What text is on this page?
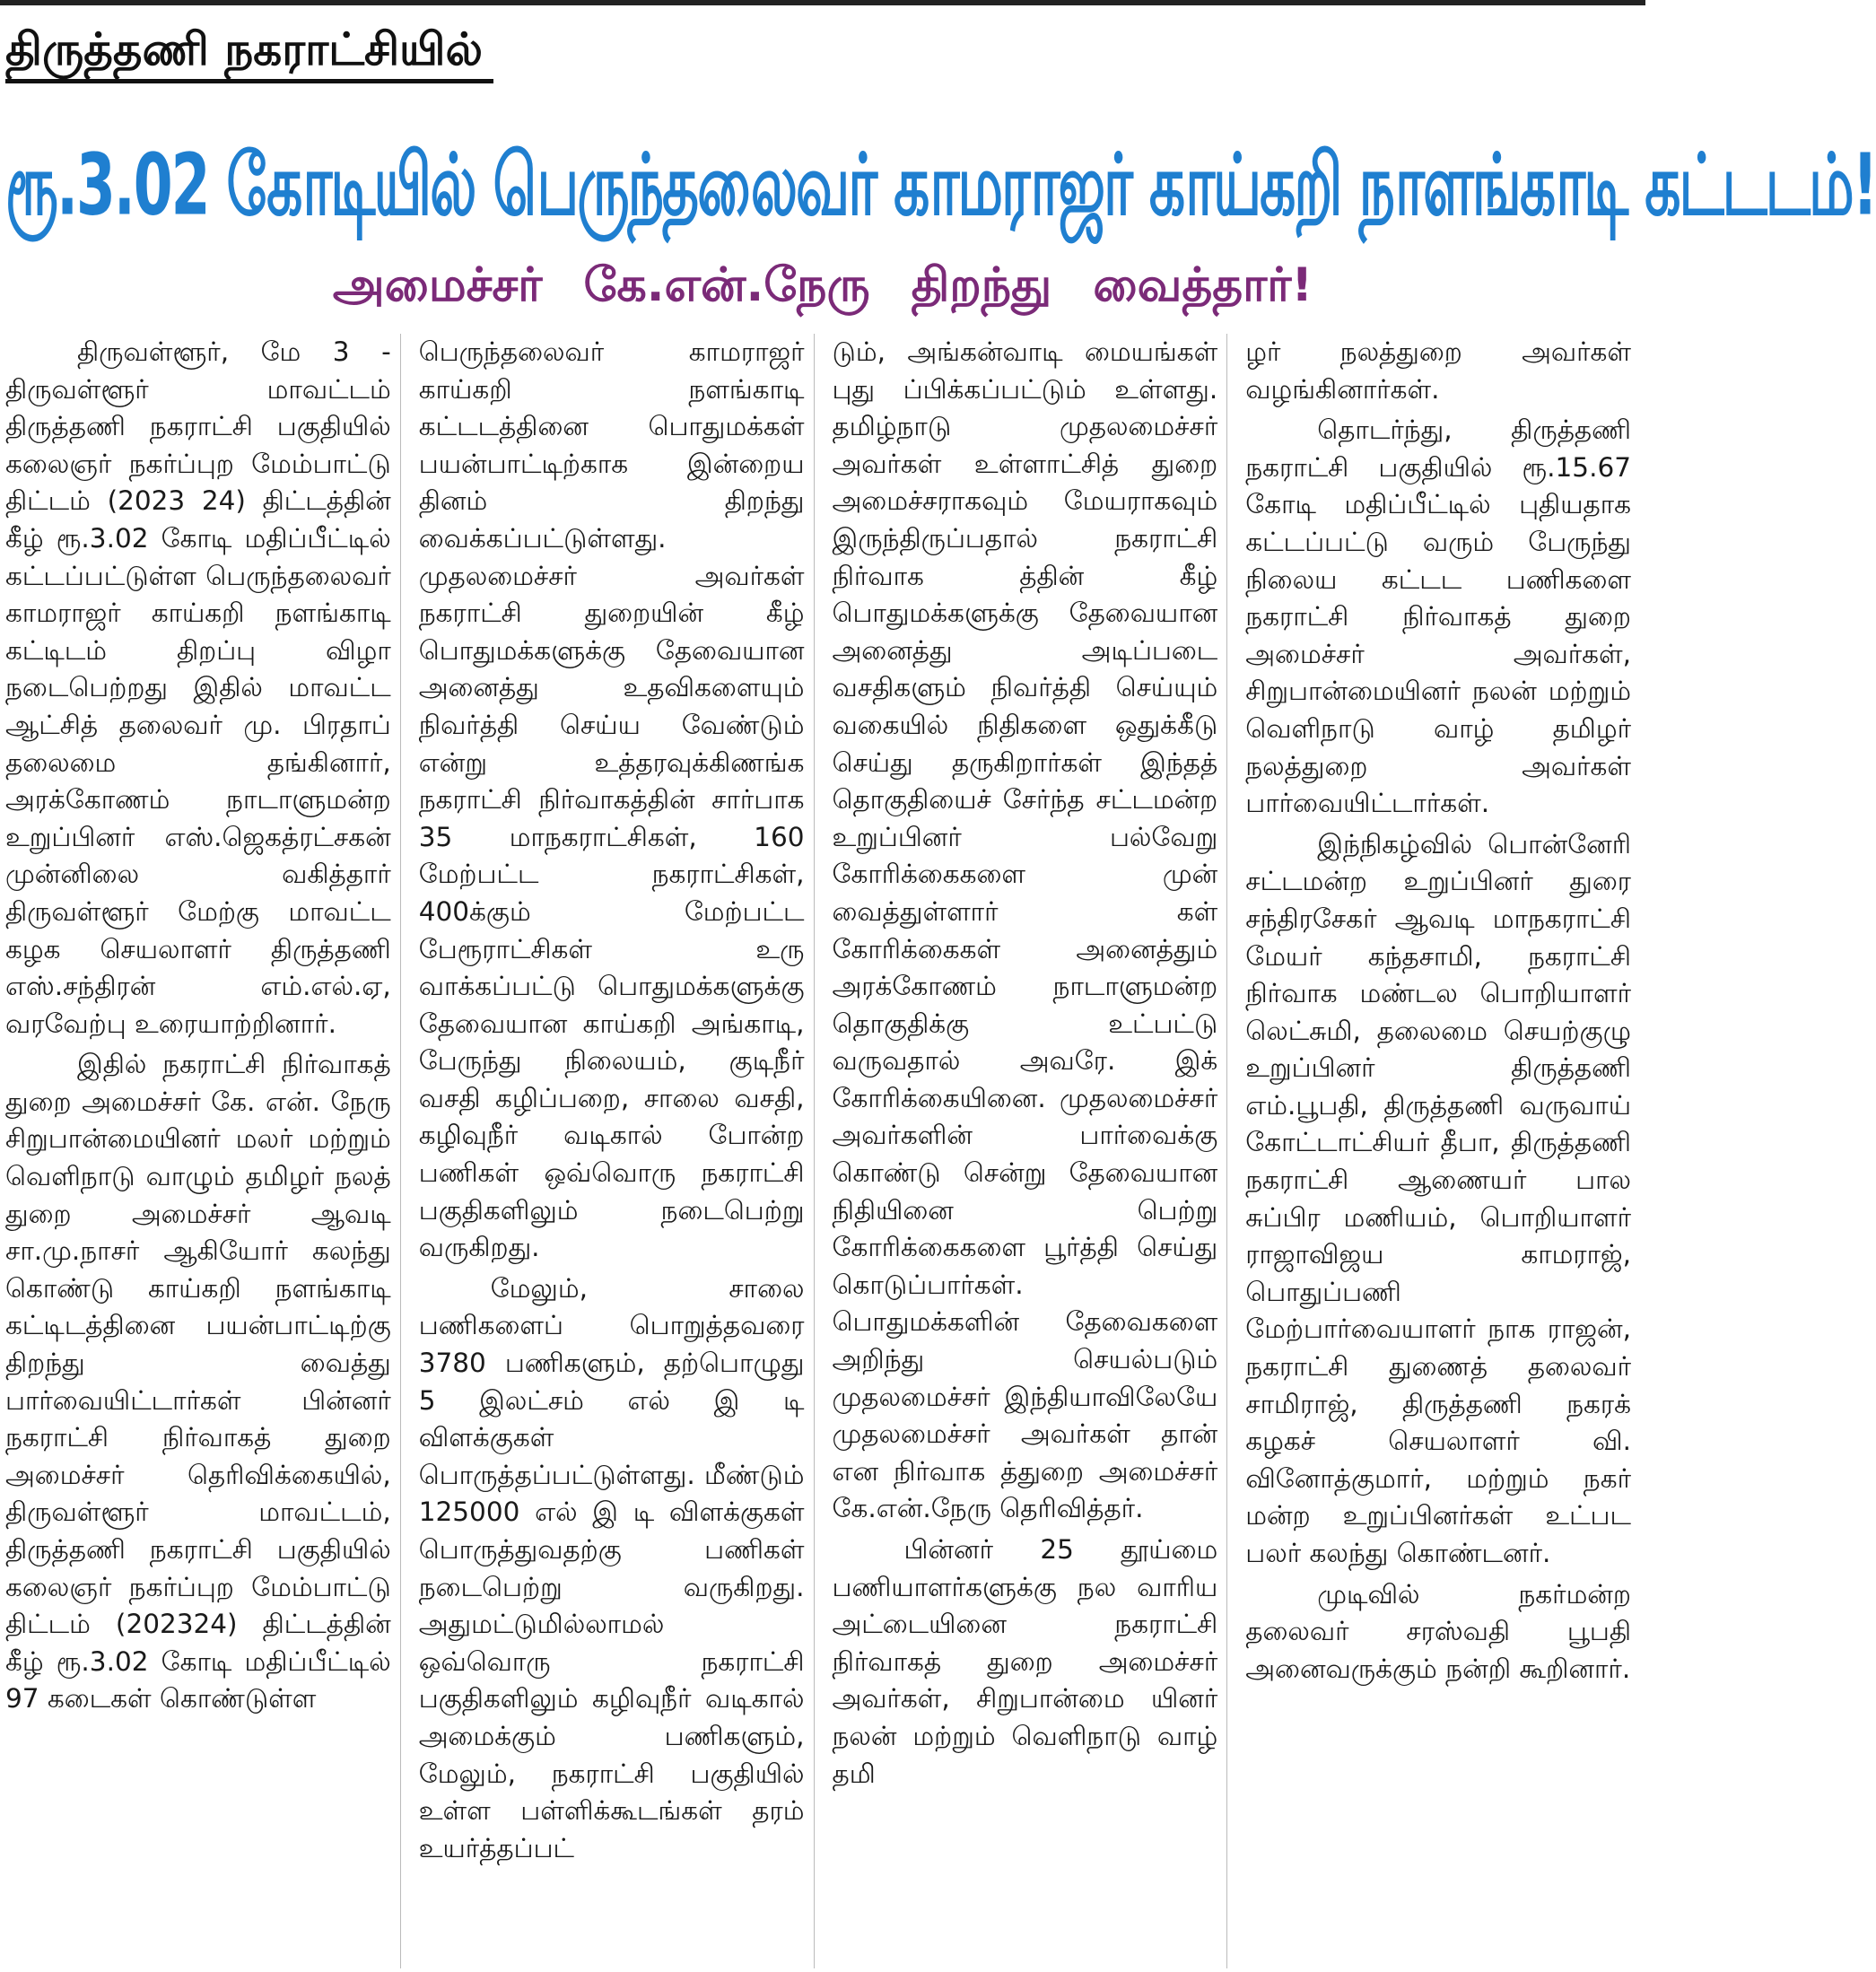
திருத்தணி நகராட்சியில்
ரூ.3.02 கோடியில் பெருந்தலைவர் காமராஜர் காய்கறி நாளங்காடி கட்டடம்!
அமைச்சர் கே.என்.நேரு திறந்து வைத்தார்!

திருவள்ளூர், மே 3 - திருவள்ளூர் மாவட்டம் திருத்தணி நகராட்சி பகுதியில் கலைஞர் நகர்ப்புற மேம்பாட்டு திட்டம் (2023 24) திட்டத்தின் கீழ் ரூ.3.02 கோடி மதிப்பீட்டில் கட்டப்பட்டுள்ள பெருந்தலைவர் காமராஜர் காய்கறி நளங்காடி கட்டிடம் திறப்பு விழா நடைபெற்றது இதில் மாவட்ட ஆட்சித் தலைவர் மு. பிரதாப் தலைமை தங்கினார், அரக்கோணம் நாடாளுமன்ற உறுப்பினர் எஸ்.ஜெகத்ரட்சகன் முன்னிலை வகித்தார் திருவள்ளூர் மேற்கு மாவட்ட கழக செயலாளர் திருத்தணி எஸ்.சந்திரன் எம்.எல்.ஏ, வரவேற்பு உரையாற்றினார்.

இதில் நகராட்சி நிர்வாகத் துறை அமைச்சர் கே. என். நேரு சிறுபான்மையினர் மலர் மற்றும் வெளிநாடு வாழும் தமிழர் நலத் துறை அமைச்சர் ஆவடி சா.மு.நாசர் ஆகியோர் கலந்து கொண்டு காய்கறி நளங்காடி கட்டிடத்தினை பயன்பாட்டிற்கு திறந்து வைத்து பார்வையிட்டார்கள் பின்னர் நகராட்சி நிர்வாகத் துறை அமைச்சர் தெரிவிக்கையில், திருவள்ளூர் மாவட்டம், திருத்தணி நகராட்சி பகுதியில் கலைஞர் நகர்ப்புற மேம்பாட்டு திட்டம் (202324) திட்டத்தின் கீழ் ரூ.3.02 கோடி மதிப்பீட்டில் 97 கடைகள் கொண்டுள்ள

பெருந்தலைவர் காமராஜர் காய்கறி நளங்காடி கட்டடத்தினை பொதுமக்கள் பயன்பாட்டிற்காக இன்றைய தினம் திறந்து வைக்கப்பட்டுள்ளது. முதலமைச்சர் அவர்கள் நகராட்சி துறையின் கீழ் பொதுமக்களுக்கு தேவையான அனைத்து உதவிகளையும் நிவர்த்தி செய்ய வேண்டும் என்று உத்தரவுக்கிணங்க நகராட்சி நிர்வாகத்தின் சார்பாக 35 மாநகராட்சிகள், 160 மேற்பட்ட நகராட்சிகள், 400க்கும் மேற்பட்ட பேரூராட்சிகள் உரு வாக்கப்பட்டு பொதுமக்களுக்கு தேவையான காய்கறி அங்காடி, பேருந்து நிலையம், குடிநீர் வசதி கழிப்பறை, சாலை வசதி, கழிவுநீர் வடிகால் போன்ற பணிகள் ஒவ்வொரு நகராட்சி பகுதிகளிலும் நடைபெற்று வருகிறது.

மேலும், சாலை பணிகளைப் பொறுத்தவரை 3780 பணிகளும், தற்பொழுது 5 இலட்சம் எல் இ டி விளக்குகள் பொருத்தப்பட்டுள்ளது. மீண்டும் 125000 எல் இ டி விளக்குகள் பொருத்துவதற்கு பணிகள் நடைபெற்று வருகிறது. அதுமட்டுமில்லாமல் ஒவ்வொரு நகராட்சி பகுதிகளிலும் கழிவுநீர் வடிகால் அமைக்கும் பணிகளும், மேலும், நகராட்சி பகுதியில் உள்ள பள்ளிக்கூடங்கள் தரம் உயர்த்தப்பட்

டும், அங்கன்வாடி மையங்கள் புது ப்பிக்கப்பட்டும் உள்ளது. தமிழ்நாடு முதலமைச்சர் அவர்கள் உள்ளாட்சித் துறை அமைச்சராகவும் மேயராகவும் இருந்திருப்பதால் நகராட்சி நிர்வாக த்தின் கீழ் பொதுமக்களுக்கு தேவையான அனைத்து அடிப்படை வசதிகளும் நிவர்த்தி செய்யும் வகையில் நிதிகளை ஒதுக்கீடு செய்து தருகிறார்கள் இந்தத் தொகுதியைச் சேர்ந்த சட்டமன்ற உறுப்பினர் பல்வேறு கோரிக்கைகளை முன் வைத்துள்ளார் கள் கோரிக்கைகள் அனைத்தும் அரக்கோணம் நாடாளுமன்ற தொகுதிக்கு உட்பட்டு வருவதால் அவரே. இக் கோரிக்கையினை. முதலமைச்சர் அவர்களின் பார்வைக்கு கொண்டு சென்று தேவையான நிதியினை பெற்று கோரிக்கைகளை பூர்த்தி செய்து கொடுப்பார்கள். பொதுமக்களின் தேவைகளை அறிந்து செயல்படும் முதலமைச்சர் இந்தியாவிலேயே முதலமைச்சர் அவர்கள் தான் என நிர்வாக த்துறை அமைச்சர் கே.என்.நேரு தெரிவித்தர்.

பின்னர் 25 தூய்மை பணியாளர்களுக்கு நல வாரிய அட்டையினை நகராட்சி நிர்வாகத் துறை அமைச்சர் அவர்கள், சிறுபான்மை யினர் நலன் மற்றும் வெளிநாடு வாழ் தமி

ழர் நலத்துறை அவர்கள் வழங்கினார்கள்.

தொடர்ந்து, திருத்தணி நகராட்சி பகுதியில் ரூ.15.67 கோடி மதிப்பீட்டில் புதியதாக கட்டப்பட்டு வரும் பேருந்து நிலைய கட்டட பணிகளை நகராட்சி நிர்வாகத் துறை அமைச்சர் அவர்கள், சிறுபான்மையினர் நலன் மற்றும் வெளிநாடு வாழ் தமிழர் நலத்துறை அவர்கள் பார்வையிட்டார்கள்.

இந்நிகழ்வில் பொன்னேரி சட்டமன்ற உறுப்பினர் துரை சந்திரசேகர் ஆவடி மாநகராட்சி மேயர் கந்தசாமி, நகராட்சி நிர்வாக மண்டல பொறியாளர் லெட்சுமி, தலைமை செயற்குழு உறுப்பினர் திருத்தணி எம்.பூபதி, திருத்தணி வருவாய் கோட்டாட்சியர் தீபா, திருத்தணி நகராட்சி ஆணையர் பால சுப்பிர மணியம், பொறியாளர் ராஜாவிஜய காமராஜ், பொதுப்பணி மேற்பார்வையாளர் நாக ராஜன், நகராட்சி துணைத் தலைவர் சாமிராஜ், திருத்தணி நகரக் கழகச் செயலாளர் வி. வினோத்குமார், மற்றும் நகர் மன்ற உறுப்பினர்கள் உட்பட பலர் கலந்து கொண்டனர்.

முடிவில் நகர்மன்ற தலைவர் சரஸ்வதி பூபதி அனைவருக்கும் நன்றி கூறினார்.
